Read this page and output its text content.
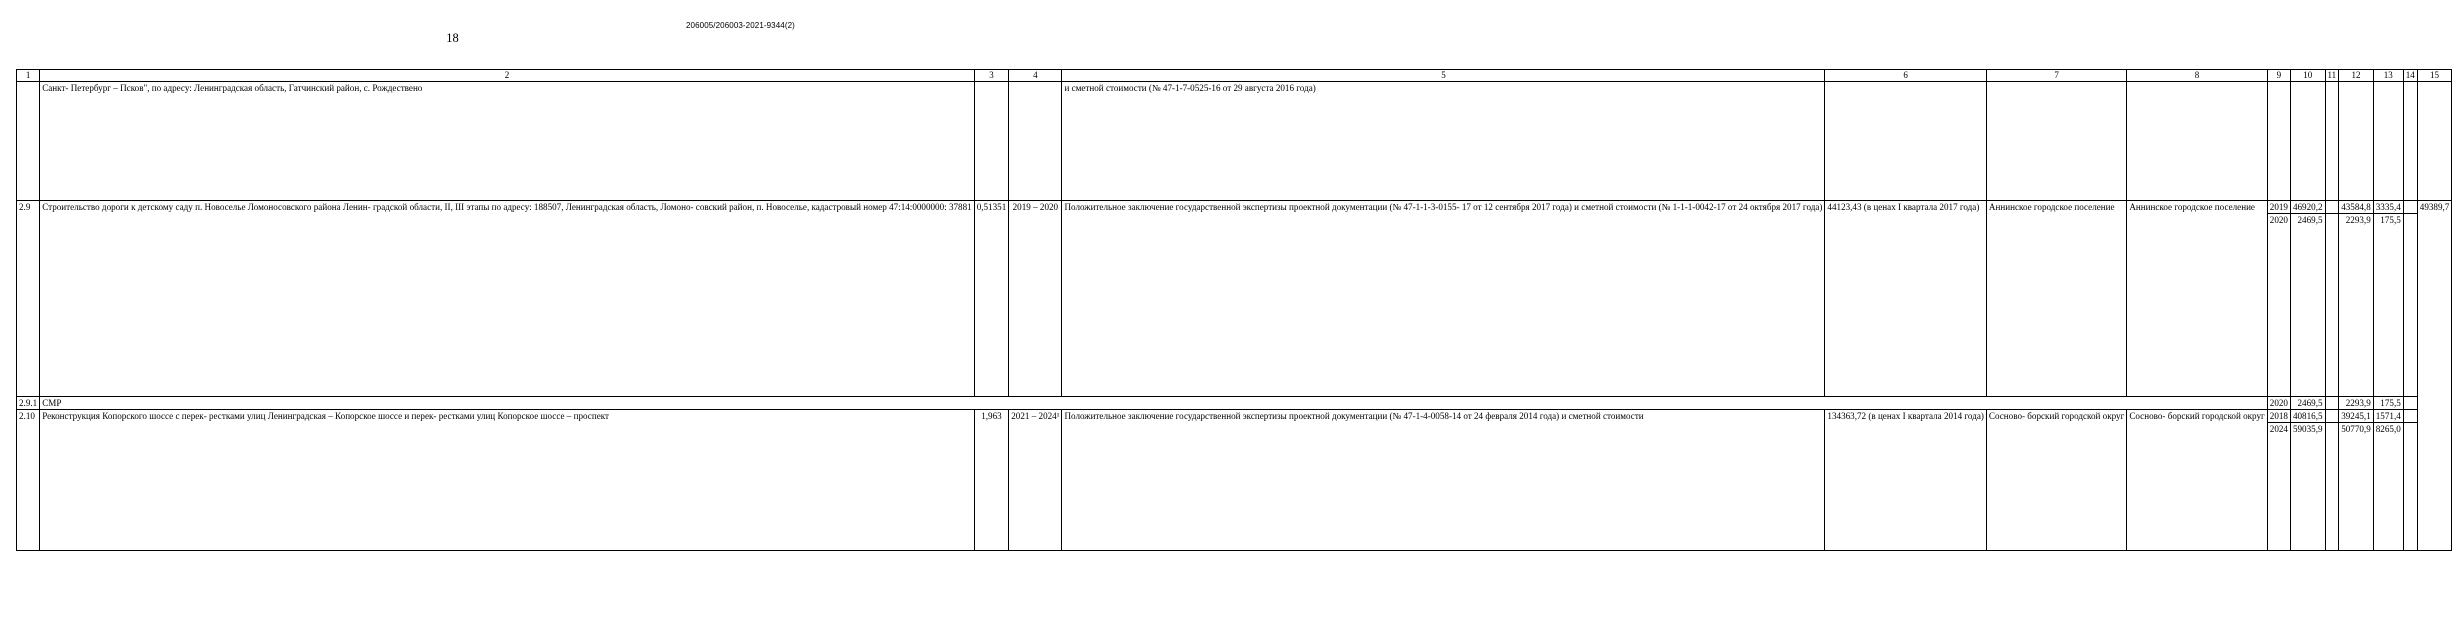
206005/206003-2021-9344(2)
18
1	2	3	4	5	6	7	8	9	10	11	12	13	14	15
	Санкт- Петербург – Псков", по адресу: Ленинградская область, Гатчинский район, с. Рождествено			и сметной стоимости (№ 47-1-7-0525-16 от 29 августа 2016 года)										
2.9	Строительство дороги к детскому саду п. Новоселье Ломоносовского района Ленин- градской области, II, III этапы по адресу: 188507, Ленинградская область, Ломоно- совский район, п. Новоселье, кадастровый номер 47:14:0000000: 37881	0,51351	2019 – 2020	Положительное заключение государственной экспертизы проектной документации (№ 47-1-1-3-0155- 17 от 12 сентября 2017 года) и сметной стоимости (№ 1-1-1-0042-17 от 24 октября 2017 года)	44123,43 (в ценах I квартала 2017 года)	Аннинское городское поселение	Аннинское городское поселение	2019	46920,2		43584,8	3335,4		49389,7
								2020	2469,5		2293,9	175,5		
2.9.1	СМР							2020	2469,5		2293,9	175,5		
2.10	Реконструкция Копорского шоссе с перек- рестками улиц Ленинградская – Копорское шоссе и перек- рестками улиц Копорское шоссе – проспект	1,963	2021 – 2024¹	Положительное заключение государственной экспертизы проектной документации (№ 47-1-4-0058-14 от 24 февраля 2014 года) и сметной стоимости	134363,72 (в ценах I квартала 2014 года)	Сосново- борский городской округ	Сосново- борский городской округ	2018	40816,5		39245,1	1571,4		
								2024	59035,9		50770,9	8265,0		
